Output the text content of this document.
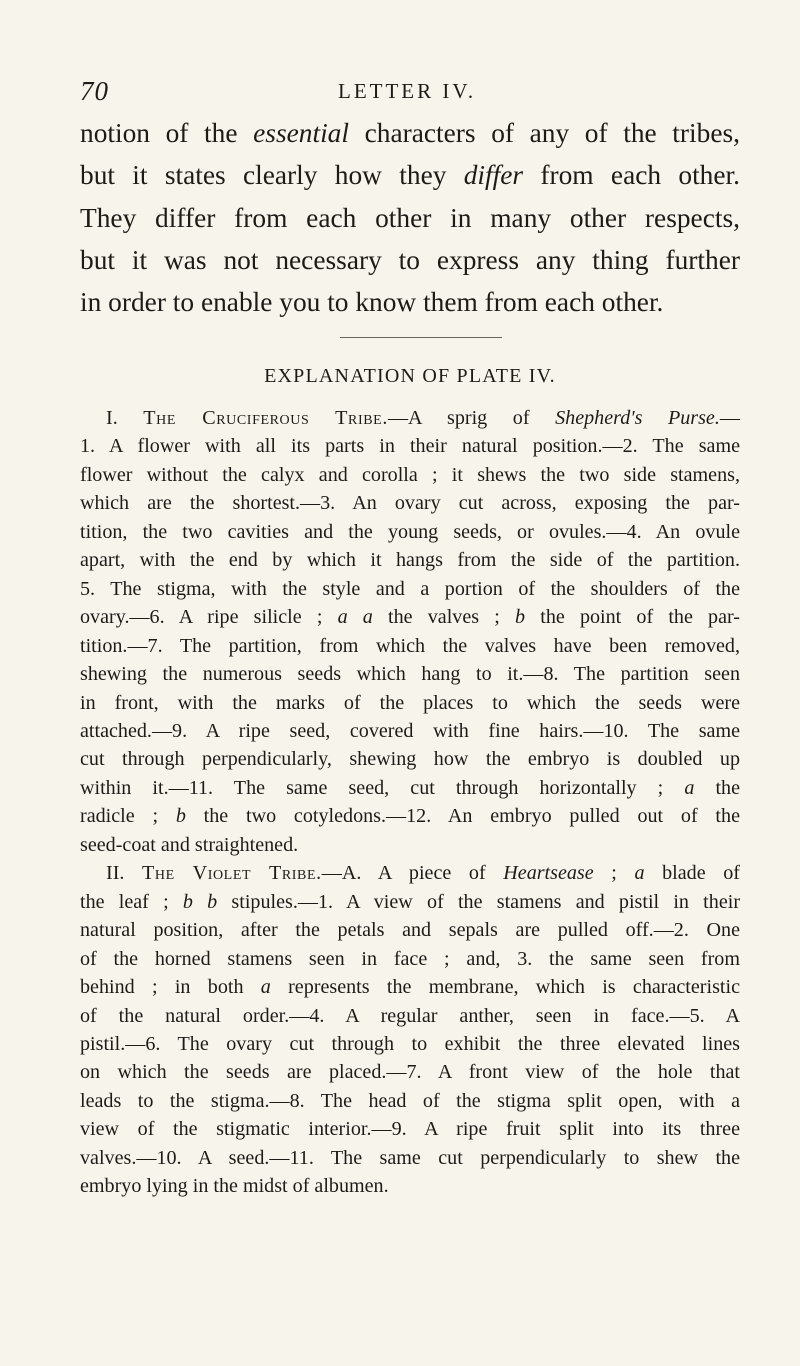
70	LETTER IV.
notion of the essential characters of any of the tribes,
but it states clearly how they differ from each other.
They differ from each other in many other respects,
but it was not necessary to express any thing further
in order to enable you to know them from each other.
EXPLANATION OF PLATE IV.
I. The Cruciferous Tribe.—A sprig of Shepherd's Purse.—
1. A flower with all its parts in their natural position.—2. The same
flower without the calyx and corolla ; it shews the two side stamens,
which are the shortest.—3. An ovary cut across, exposing the par-
tition, the two cavities and the young seeds, or ovules.—4. An ovule
apart, with the end by which it hangs from the side of the partition.
5. The stigma, with the style and a portion of the shoulders of the
ovary.—6. A ripe silicle ; a a the valves ; b the point of the par-
tition.—7. The partition, from which the valves have been removed,
shewing the numerous seeds which hang to it.—8. The partition seen
in front, with the marks of the places to which the seeds were
attached.—9. A ripe seed, covered with fine hairs.—10. The same
cut through perpendicularly, shewing how the embryo is doubled up
within it.—11. The same seed, cut through horizontally ; a the
radicle ; b the two cotyledons.—12. An embryo pulled out of the
seed-coat and straightened.
II. The Violet Tribe.—A. A piece of Heartsease ; a blade of
the leaf ; b b stipules.—1. A view of the stamens and pistil in their
natural position, after the petals and sepals are pulled off.—2. One
of the horned stamens seen in face ; and, 3. the same seen from
behind ; in both a represents the membrane, which is characteristic
of the natural order.—4. A regular anther, seen in face.—5. A
pistil.—6. The ovary cut through to exhibit the three elevated lines
on which the seeds are placed.—7. A front view of the hole that
leads to the stigma.—8. The head of the stigma split open, with a
view of the stigmatic interior.—9. A ripe fruit split into its three
valves.—10. A seed.—11. The same cut perpendicularly to shew the
embryo lying in the midst of albumen.
